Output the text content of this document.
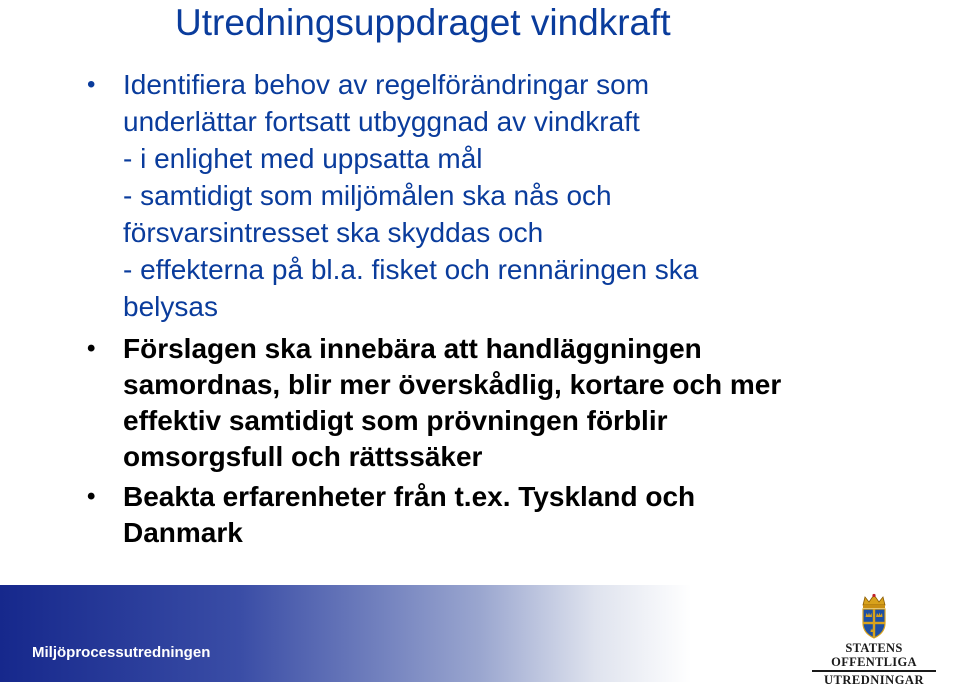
Utredningsuppdraget vindkraft
• Identifiera behov av regelförändringar som
underlättar fortsatt utbyggnad av vindkraft
- i enlighet med uppsatta mål
- samtidigt som miljömålen ska nås och
försvarsintresset ska skyddas och
- effekterna på bl.a. fisket och rennäringen ska
belysas
• Förslagen ska innebära att handläggningen
samordnas, blir mer överskådlig, kortare och mer
effektiv samtidigt som prövningen förblir
omsorgsfull och rättssäker
• Beakta erfarenheter från t.ex. Tyskland och
Danmark
Miljöprocessutredningen	STATENS OFFENTLIGA
UTREDNINGAR
